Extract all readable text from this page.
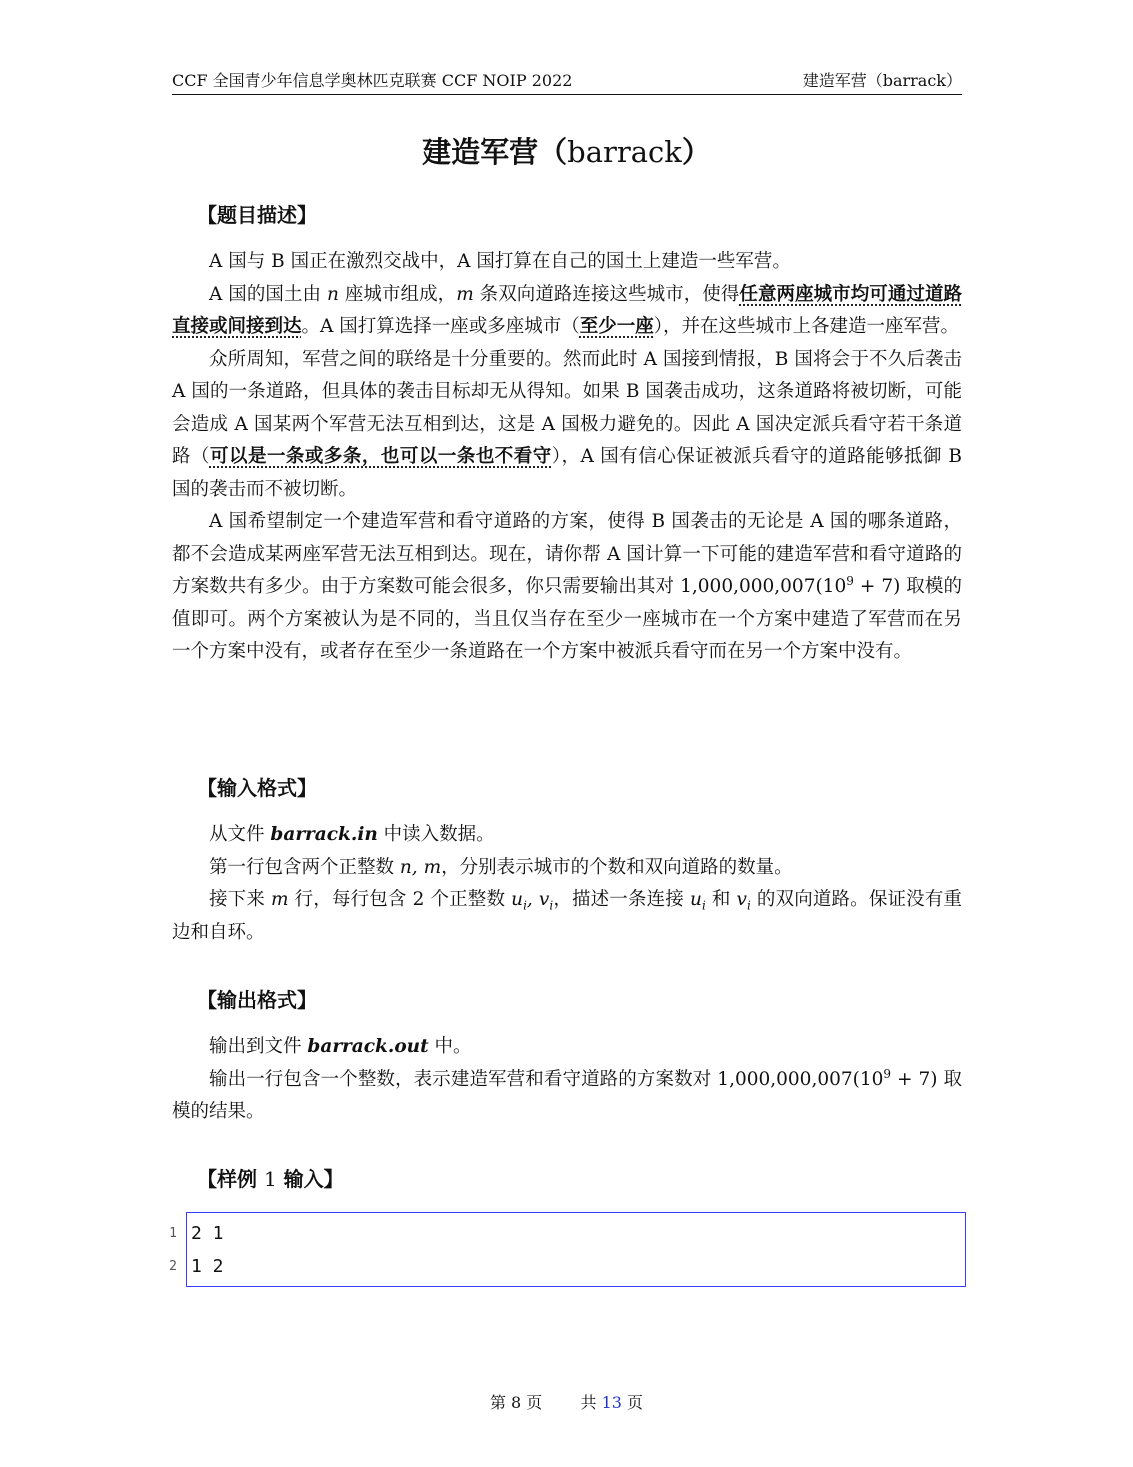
CCF 全国青少年信息学奥林匹克联赛 CCF NOIP 2022	建造军营（barrack）
建造军营（barrack）
【题目描述】

A 国与 B 国正在激烈交战中，A 国打算在自己的国土上建造一些军营。

A 国的国土由 n 座城市组成，m 条双向道路连接这些城市，使得任意两座城市均可通过道路直接或间接到达。A 国打算选择一座或多座城市（至少一座），并在这些城市上各建造一座军营。

众所周知，军营之间的联络是十分重要的。然而此时 A 国接到情报，B 国将会于不久后袭击 A 国的一条道路，但具体的袭击目标却无从得知。如果 B 国袭击成功，这条道路将被切断，可能会造成 A 国某两个军营无法互相到达，这是 A 国极力避免的。因此 A 国决定派兵看守若干条道路（可以是一条或多条，也可以一条也不看守），A 国有信心保证被派兵看守的道路能够抵御 B 国的袭击而不被切断。

A 国希望制定一个建造军营和看守道路的方案，使得 B 国袭击的无论是 A 国的哪条道路，都不会造成某两座军营无法互相到达。现在，请你帮 A 国计算一下可能的建造军营和看守道路的方案数共有多少。由于方案数可能会很多，你只需要输出其对 $1,000,000,007(10^9 + 7)$ 取模的值即可。两个方案被认为是不同的，当且仅当存在至少一座城市在一个方案中建造了军营而在另一个方案中没有，或者存在至少一条道路在一个方案中被派兵看守而在另一个方案中没有。

【输入格式】

从文件 barrack.in 中读入数据。

第一行包含两个正整数 n, m，分别表示城市的个数和双向道路的数量。

接下来 m 行，每行包含 2 个正整数 $u_i$, $v_i$，描述一条连接 $u_i$ 和 $v_i$ 的双向道路。保证没有重边和自环。

【输出格式】

输出到文件 barrack.out 中。

输出一行包含一个整数，表示建造军营和看守道路的方案数对 $1,000,000,007(10^9 + 7)$ 取模的结果。

【样例 1 输入】
1
2
2 1
1 2
第 8 页 共 13 页
